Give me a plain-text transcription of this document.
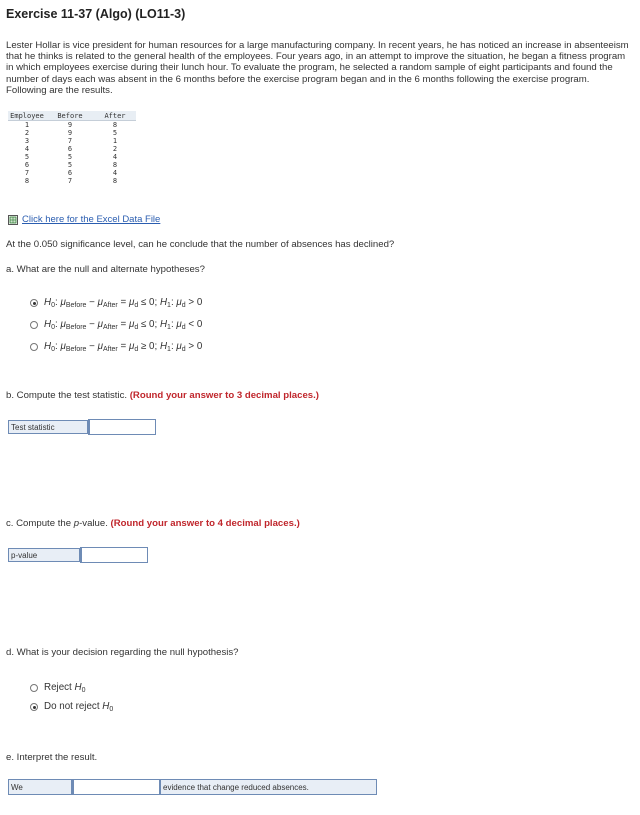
Exercise 11-37 (Algo) (LO11-3)
Lester Hollar is vice president for human resources for a large manufacturing company. In recent years, he has noticed an increase in absenteeism that he thinks is related to the general health of the employees. Four years ago, in an attempt to improve the situation, he began a fitness program in which employees exercise during their lunch hour. To evaluate the program, he selected a random sample of eight participants and found the number of days each was absent in the 6 months before the exercise program began and in the 6 months following the exercise program. Following are the results.
Employee	Before	After
1	9	8
2	9	5
3	7	1
4	6	2
5	5	4
6	5	8
7	6	4
8	7	8
Click here for the Excel Data File
At the 0.050 significance level, can he conclude that the number of absences has declined?
a. What are the null and alternate hypotheses?
$H_0$: $\mu_{Before} - \mu_{After} = \mu_d \le 0$; $H_1$: $\mu_d > 0$
$H_0$: $\mu_{Before} - \mu_{After} = \mu_d \le 0$; $H_1$: $\mu_d < 0$
$H_0$: $\mu_{Before} - \mu_{After} = \mu_d \ge 0$; $H_1$: $\mu_d > 0$
b. Compute the test statistic. (Round your answer to 3 decimal places.)
Test statistic
c. Compute the p-value. (Round your answer to 4 decimal places.)
p-value
d. What is your decision regarding the null hypothesis?
Reject $H_0$
Do not reject $H_0$
e. Interpret the result.
We	evidence that change reduced absences.
